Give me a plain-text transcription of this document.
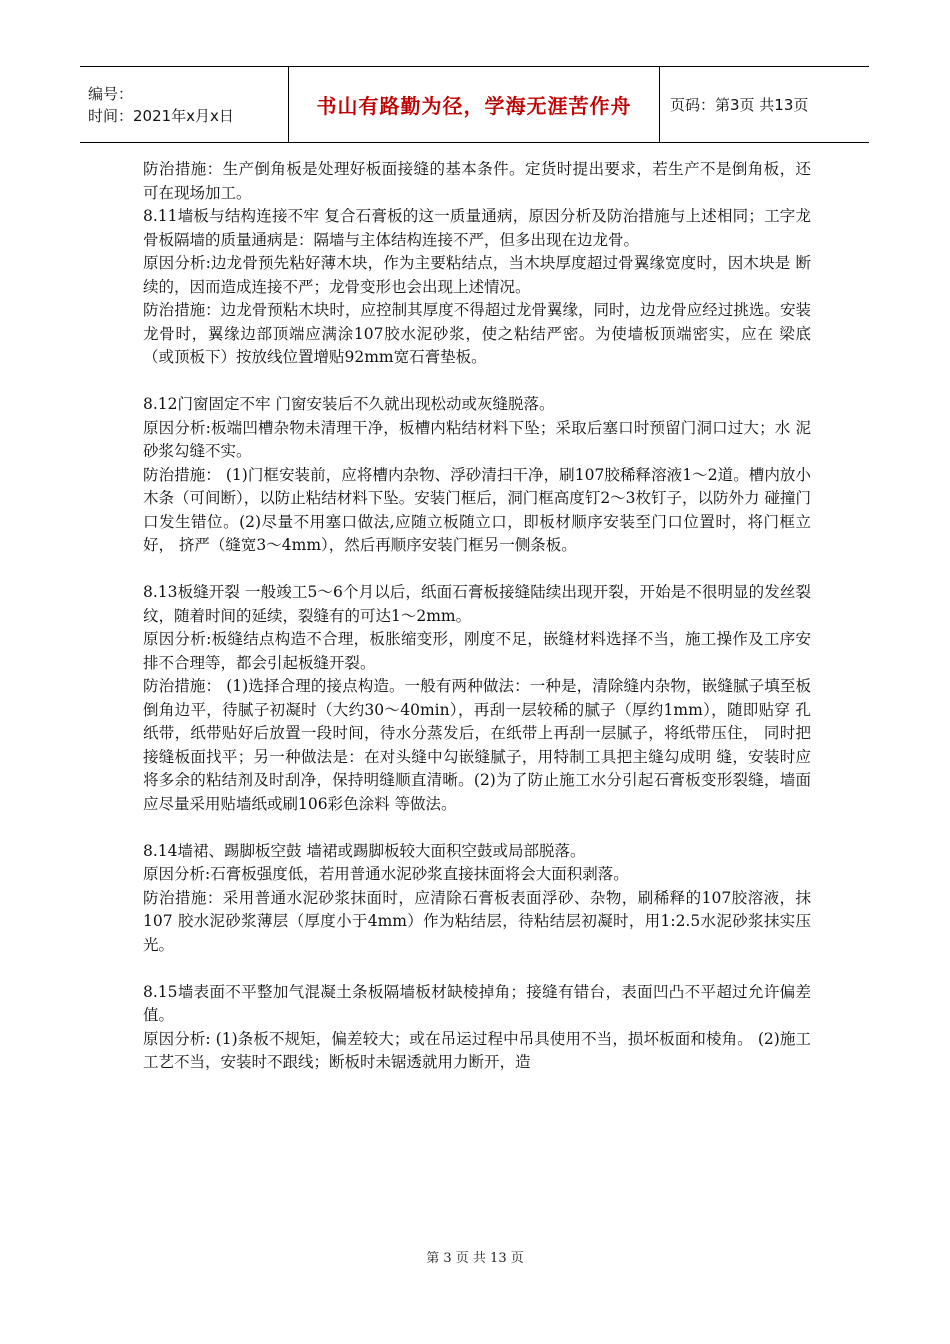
编号：
时间：2021年x月x日	书山有路勤为径，学海无涯苦作舟	页码：第3页 共13页

防治措施：生产倒角板是处理好板面接缝的基本条件。定货时提出要求，若生产不是倒角板，还 可在现场加工。

8.11墙板与结构连接不牢 复合石膏板的这一质量通病，原因分析及防治措施与上述相同；工字龙骨板隔墙的质量通病是：隔墙与主体结构连接不严，但多出现在边龙骨。

原因分析:边龙骨预先粘好薄木块，作为主要粘结点，当木块厚度超过骨翼缘宽度时，因木块是 断续的，因而造成连接不严；龙骨变形也会出现上述情况。

防治措施：边龙骨预粘木块时，应控制其厚度不得超过龙骨翼缘，同时，边龙骨应经过挑选。安装龙骨时，翼缘边部顶端应满涂107胶水泥砂浆，使之粘结严密。为使墙板顶端密实，应在 梁底（或顶板下）按放线位置增贴92mm宽石膏垫板。

8.12门窗固定不牢 门窗安装后不久就出现松动或灰缝脱落。

原因分析:板端凹槽杂物未清理干净，板槽内粘结材料下坠；采取后塞口时预留门洞口过大；水 泥砂浆勾缝不实。

防治措施： (1)门框安装前，应将槽内杂物、浮砂清扫干净，刷107胶稀释溶液1～2道。槽内放小木条（可间断），以防止粘结材料下坠。安装门框后，洞门框高度钉2～3枚钉子，以防外力 碰撞门口发生错位。(2)尽量不用塞口做法,应随立板随立口，即板材顺序安装至门口位置时，将门框立好， 挤严（缝宽3～4mm），然后再顺序安装门框另一侧条板。

8.13板缝开裂 一般竣工5～6个月以后，纸面石膏板接缝陆续出现开裂，开始是不很明显的发丝裂纹，随着时间的延续，裂缝有的可达1～2mm。

原因分析:板缝结点构造不合理，板胀缩变形，刚度不足，嵌缝材料选择不当，施工操作及工序安排不合理等，都会引起板缝开裂。

防治措施： (1)选择合理的接点构造。一般有两种做法：一种是，清除缝内杂物，嵌缝腻子填至板倒角边平，待腻子初凝时（大约30～40min），再刮一层较稀的腻子（厚约1mm），随即贴穿 孔纸带，纸带贴好后放置一段时间，待水分蒸发后，在纸带上再刮一层腻子，将纸带压住， 同时把接缝板面找平；另一种做法是：在对头缝中勾嵌缝腻子，用特制工具把主缝勾成明 缝，安装时应将多余的粘结剂及时刮净，保持明缝顺直清晰。(2)为了防止施工水分引起石膏板变形裂缝，墙面应尽量采用贴墙纸或刷106彩色涂料 等做法。

8.14墙裙、踢脚板空鼓 墙裙或踢脚板较大面积空鼓或局部脱落。

原因分析:石膏板强度低，若用普通水泥砂浆直接抹面将会大面积剥落。

防治措施：采用普通水泥砂浆抹面时，应清除石膏板表面浮砂、杂物，刷稀释的107胶溶液，抹107 胶水泥砂浆薄层（厚度小于4mm）作为粘结层，待粘结层初凝时，用1:2.5水泥砂浆抹实压光。

8.15墙表面不平整加气混凝土条板隔墙板材缺棱掉角；接缝有错台，表面凹凸不平超过允许偏差值。

原因分析: (1)条板不规矩，偏差较大；或在吊运过程中吊具使用不当，损坏板面和棱角。 (2)施工工艺不当，安装时不跟线；断板时未锯透就用力断开，造

第 3 页 共 13 页
